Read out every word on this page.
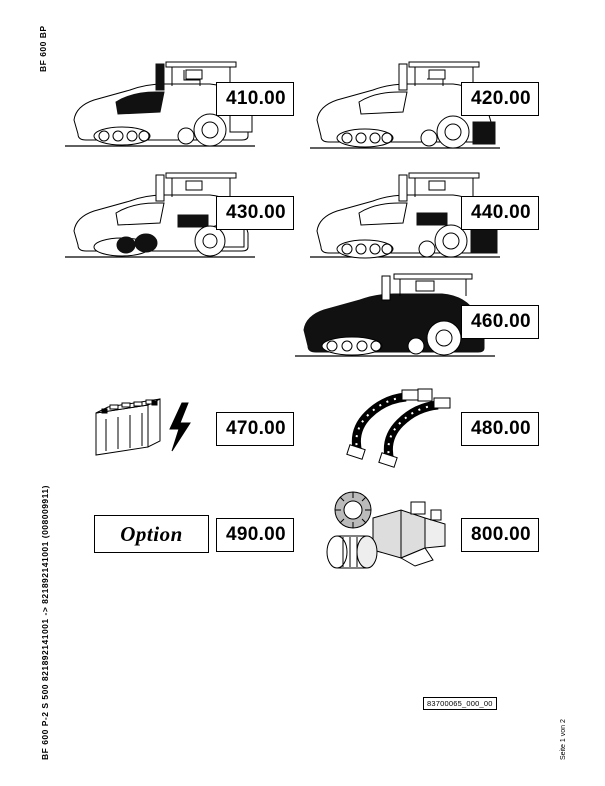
BF 600 BP
BF 600 P-2 S 500 821892141001 -> 821892141001 (008009911)	Seite 1 von 2
410.00	420.00
430.00	440.00
460.00
470.00	480.00
Option	490.00	800.00
83700065_000_00
